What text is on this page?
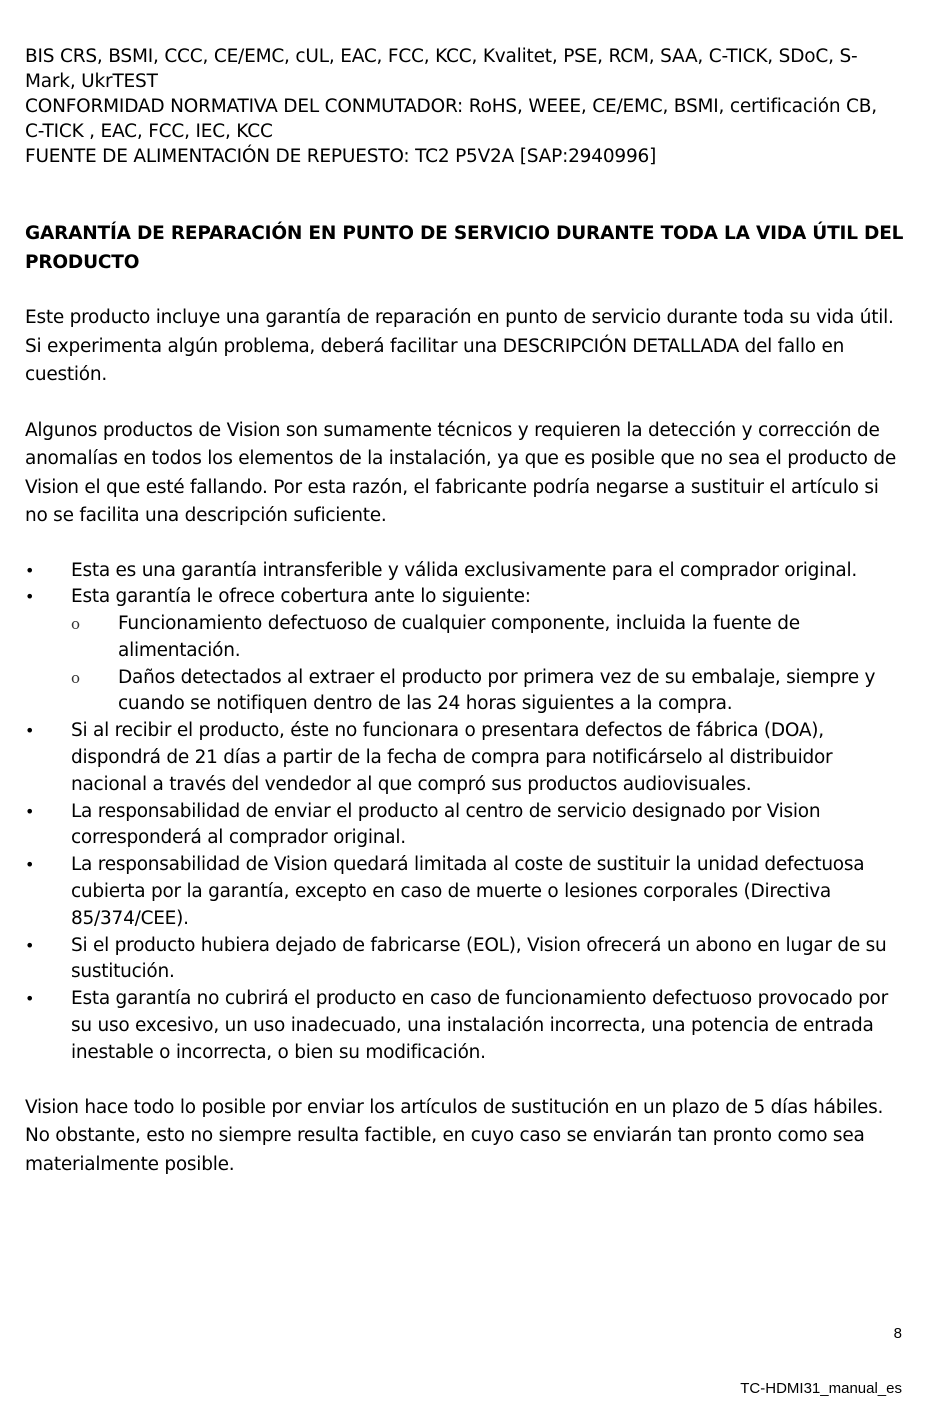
BIS CRS, BSMI, CCC, CE/EMC, cUL, EAC, FCC, KCC, Kvalitet, PSE, RCM, SAA, C-TICK, SDoC, S-

Mark, UkrTEST

CONFORMIDAD NORMATIVA DEL CONMUTADOR: RoHS, WEEE, CE/EMC, BSMI, certificación CB,

C-TICK , EAC, FCC, IEC, KCC

FUENTE DE ALIMENTACIÓN DE REPUESTO: TC2 P5V2A [SAP:2940996]

GARANTÍA DE REPARACIÓN EN PUNTO DE SERVICIO DURANTE TODA LA VIDA ÚTIL DEL PRODUCTO

Este producto incluye una garantía de reparación en punto de servicio durante toda su vida útil. Si experimenta algún problema, deberá facilitar una DESCRIPCIÓN DETALLADA del fallo en cuestión.

Algunos productos de Vision son sumamente técnicos y requieren la detección y corrección de anomalías en todos los elementos de la instalación, ya que es posible que no sea el producto de Vision el que esté fallando. Por esta razón, el fabricante podría negarse a sustituir el artículo si no se facilita una descripción suficiente.

• Esta es una garantía intransferible y válida exclusivamente para el comprador original.
• Esta garantía le ofrece cobertura ante lo siguiente:
o Funcionamiento defectuoso de cualquier componente, incluida la fuente de alimentación.
o Daños detectados al extraer el producto por primera vez de su embalaje, siempre y cuando se notifiquen dentro de las 24 horas siguientes a la compra.
• Si al recibir el producto, éste no funcionara o presentara defectos de fábrica (DOA), dispondrá de 21 días a partir de la fecha de compra para notificárselo al distribuidor nacional a través del vendedor al que compró sus productos audiovisuales.
• La responsabilidad de enviar el producto al centro de servicio designado por Vision corresponderá al comprador original.
• La responsabilidad de Vision quedará limitada al coste de sustituir la unidad defectuosa cubierta por la garantía, excepto en caso de muerte o lesiones corporales (Directiva 85/374/CEE).
• Si el producto hubiera dejado de fabricarse (EOL), Vision ofrecerá un abono en lugar de su sustitución.
• Esta garantía no cubrirá el producto en caso de funcionamiento defectuoso provocado por su uso excesivo, un uso inadecuado, una instalación incorrecta, una potencia de entrada inestable o incorrecta, o bien su modificación.

Vision hace todo lo posible por enviar los artículos de sustitución en un plazo de 5 días hábiles. No obstante, esto no siempre resulta factible, en cuyo caso se enviarán tan pronto como sea materialmente posible.

8
TC-HDMI31_manual_es
